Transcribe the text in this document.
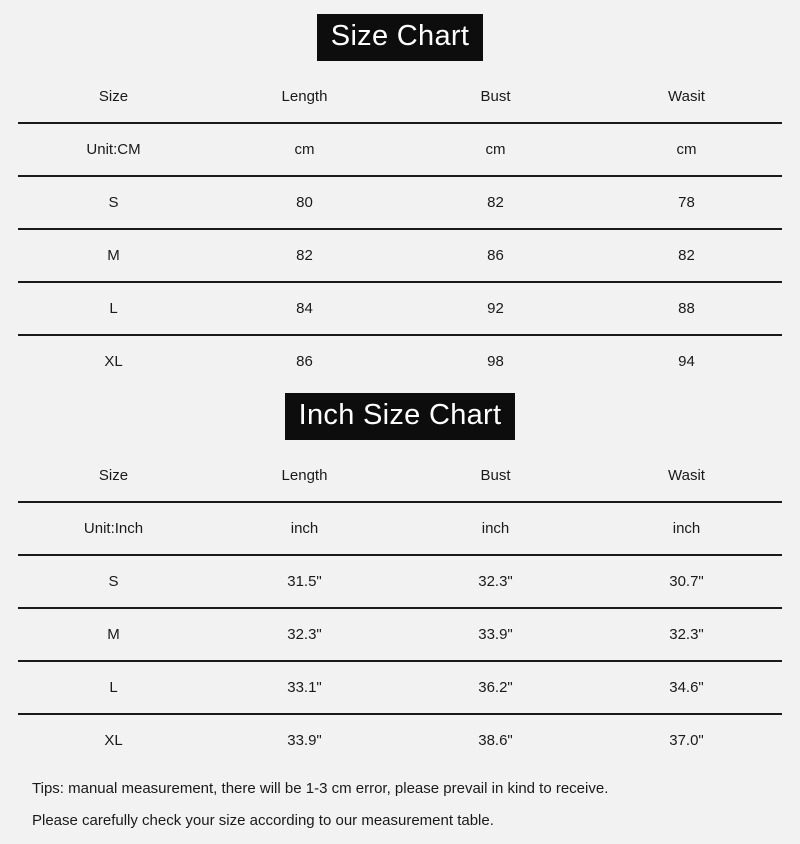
Size Chart
Size	Length	Bust	Wasit
Unit:CM	cm	cm	cm
S	80	82	78
M	82	86	82
L	84	92	88
XL	86	98	94
Inch Size Chart
Size	Length	Bust	Wasit
Unit:Inch	inch	inch	inch
S	31.5"	32.3"	30.7"
M	32.3"	33.9"	32.3"
L	33.1"	36.2"	34.6"
XL	33.9"	38.6"	37.0"

Tips: manual measurement, there will be 1-3 cm error, please prevail in kind to receive.

Please carefully check your size according to our measurement table.
